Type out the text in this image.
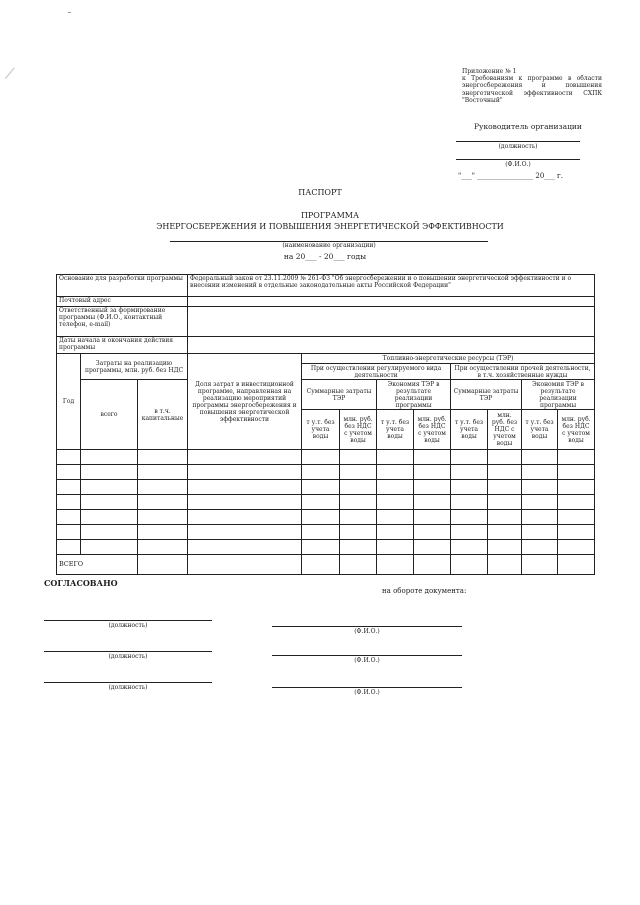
Приложение № 1
к Требованиям к программе в области энергосбережения и повышения энергетической эффективности СХПК "Восточный"
Руководитель организации
(должность)
(Ф.И.О.)
"___" ________________ 20___ г.
ПАСПОРТ
ПРОГРАММА
ЭНЕРГОСБЕРЕЖЕНИЯ И ПОВЫШЕНИЯ ЭНЕРГЕТИЧЕСКОЙ ЭФФЕКТИВНОСТИ
(наименование организации)
на 20___ - 20___ годы
Основание для разработки программы			Федеральный закон от 23.11.2009 № 261-ФЗ "Об энергосбережении и о повышении энергетической эффективности и о внесении изменений в отдельные законодательные акты Российской Федерации"								
Почтовый адрес											
Ответственный за формирование программы (Ф.И.О., контактный телефон, e-mail)											
Даты начала и окончания действия программы											
Год	Затраты на реализацию программы, млн. руб. без НДС		Доля затрат в инвестиционной программе, направленная на реализацию мероприятий программы энергосбережения и повышения энергетической эффективности	Топливно-энергетические ресурсы (ТЭР)							
				При осуществлении регулируемого вида деятельности				При осуществлении прочей деятельности, в т.ч. хозяйственные нужды			
	всего	в т.ч. капитальные		Суммарные затраты ТЭР		Экономия ТЭР в результате реализации программы		Суммарные затраты ТЭР		Экономия ТЭР в результате реализации программы	
				т у.т. без учета воды	млн. руб. без НДС с учетом воды	т у.т. без учета воды	млн. руб. без НДС с учетом воды	т у.т. без учета воды	млн. руб. без НДС с учетом воды	т у.т. без учета воды	млн. руб. без НДС с учетом воды

ВСЕГО											
СОГЛАСОВАНО
на обороте документа:
(должность)
(Ф.И.О.)
(должность)
(Ф.И.О.)
(должность)
(Ф.И.О.)
